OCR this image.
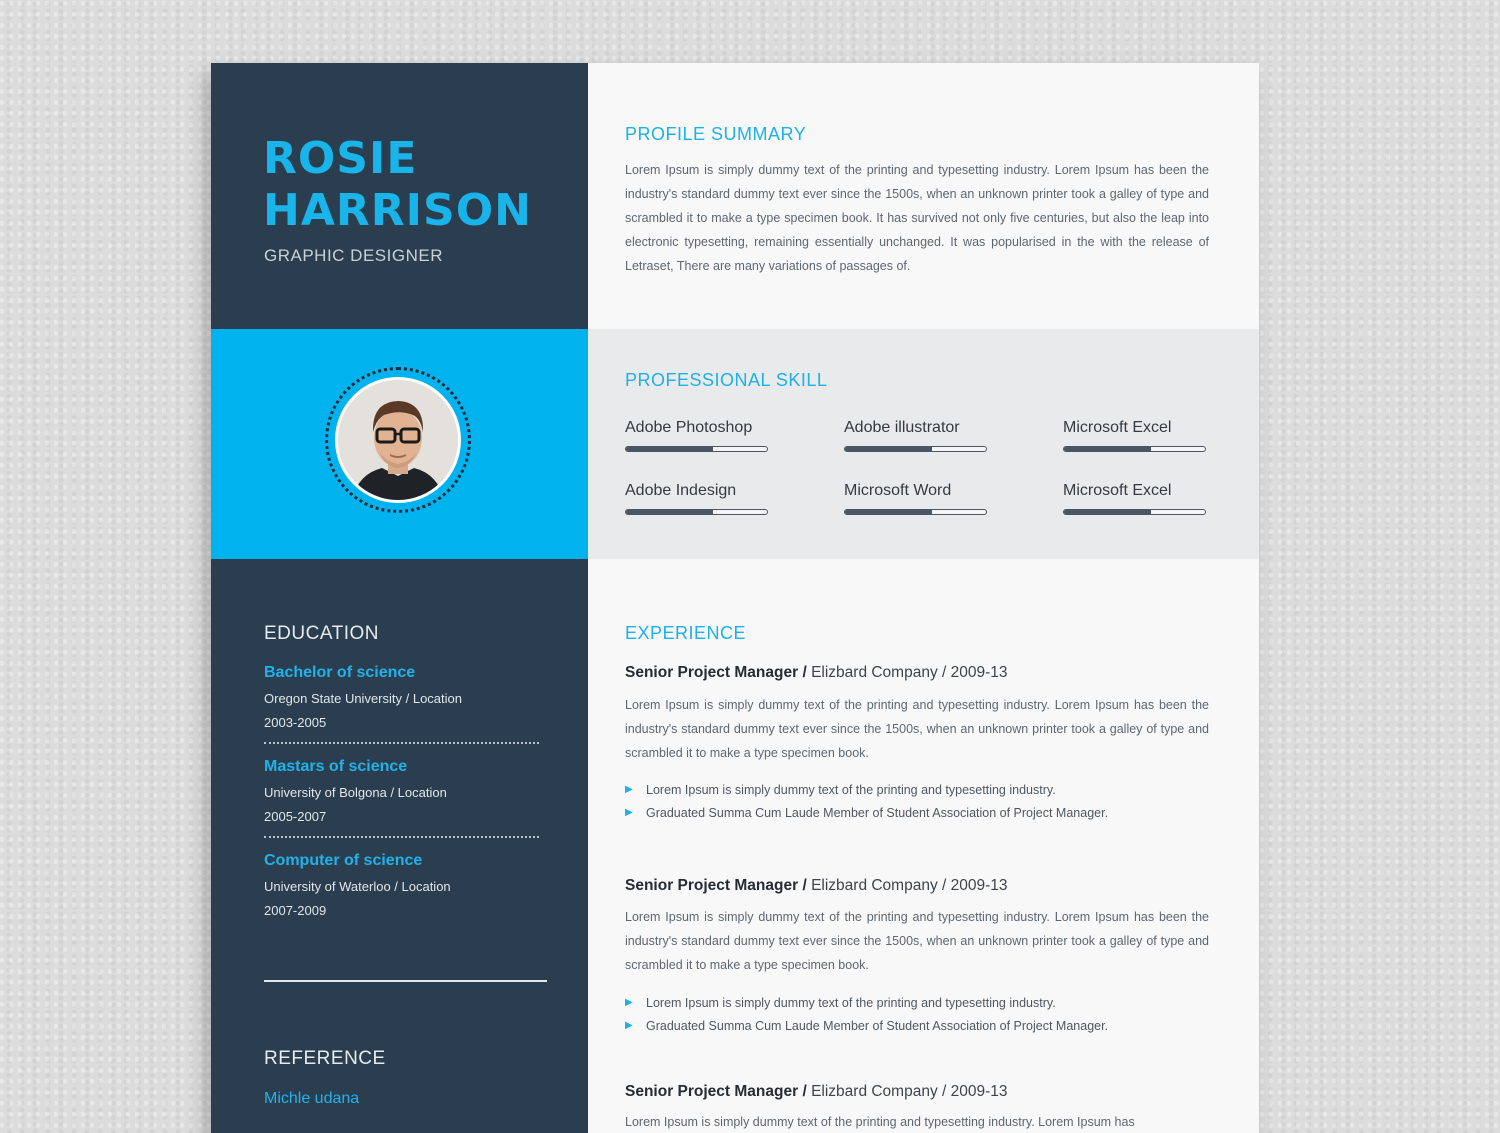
ROSIE
HARRISON
GRAPHIC DESIGNER
EDUCATION
Bachelor of science
Oregon State University / Location
2003-2005
Mastars of science
University of Bolgona / Location
2005-2007
Computer of science
University of Waterloo / Location
2007-2009
REFERENCE
Michle udana
PROFILE SUMMARY
Lorem Ipsum is simply dummy text of the printing and typesetting industry. Lorem Ipsum has been the industry's standard dummy text ever since the 1500s, when an unknown printer took a galley of type and scrambled it to make a type specimen book. It has survived not only five centuries, but also the leap into electronic typesetting, remaining essentially unchanged. It was popularised in the with the release of Letraset, There are many variations of passages of.
PROFESSIONAL SKILL
Adobe Photoshop	Adobe illustrator	Microsoft Excel
Adobe Indesign	Microsoft Word	Microsoft Excel
EXPERIENCE
Senior Project Manager / Elizbard Company / 2009-13
Lorem Ipsum is simply dummy text of the printing and typesetting industry. Lorem Ipsum has been the industry's standard dummy text ever since the 1500s, when an unknown printer took a galley of type and scrambled it to make a type specimen book.
▶ Lorem Ipsum is simply dummy text of the printing and typesetting industry.
▶ Graduated Summa Cum Laude Member of Student Association of Project Manager.
Senior Project Manager / Elizbard Company / 2009-13
Lorem Ipsum is simply dummy text of the printing and typesetting industry. Lorem Ipsum has been the industry's standard dummy text ever since the 1500s, when an unknown printer took a galley of type and scrambled it to make a type specimen book.
▶ Lorem Ipsum is simply dummy text of the printing and typesetting industry.
▶ Graduated Summa Cum Laude Member of Student Association of Project Manager.
Senior Project Manager / Elizbard Company / 2009-13
Lorem Ipsum is simply dummy text of the printing and typesetting industry. Lorem Ipsum has
